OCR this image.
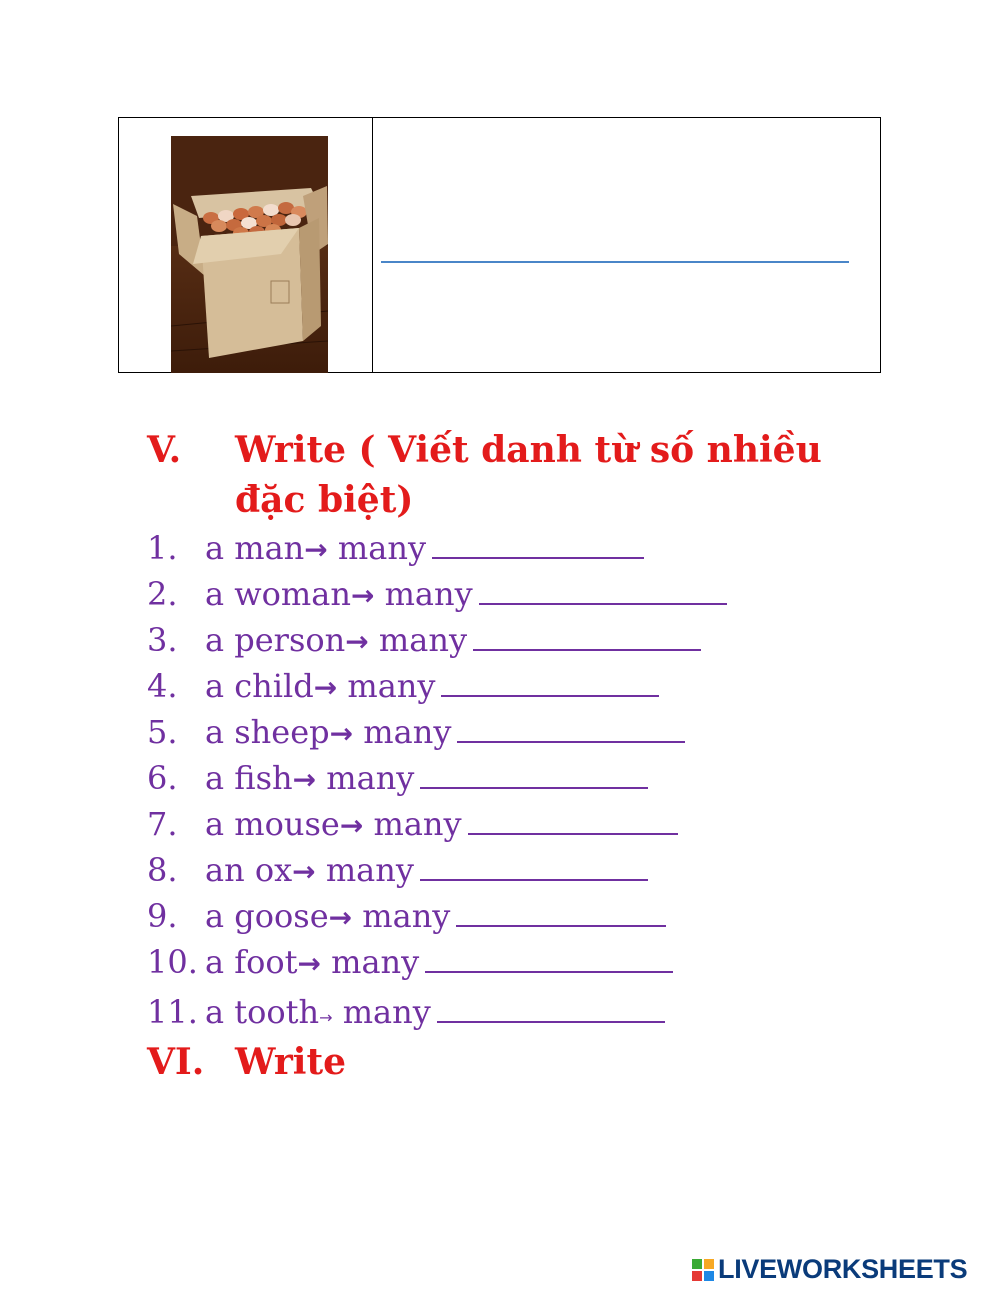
V. Write ( Viết danh từ số nhiều
đặc biệt)
1. a man→ many
2. a woman→ many
3. a person→ many
4. a child→ many
5. a sheep→ many
6. a fish→ many
7. a mouse→ many
8. an ox→ many
9. a goose→ many
10. a foot→ many
11. a tooth→ many
VI. Write
LIVEWORKSHEETS
